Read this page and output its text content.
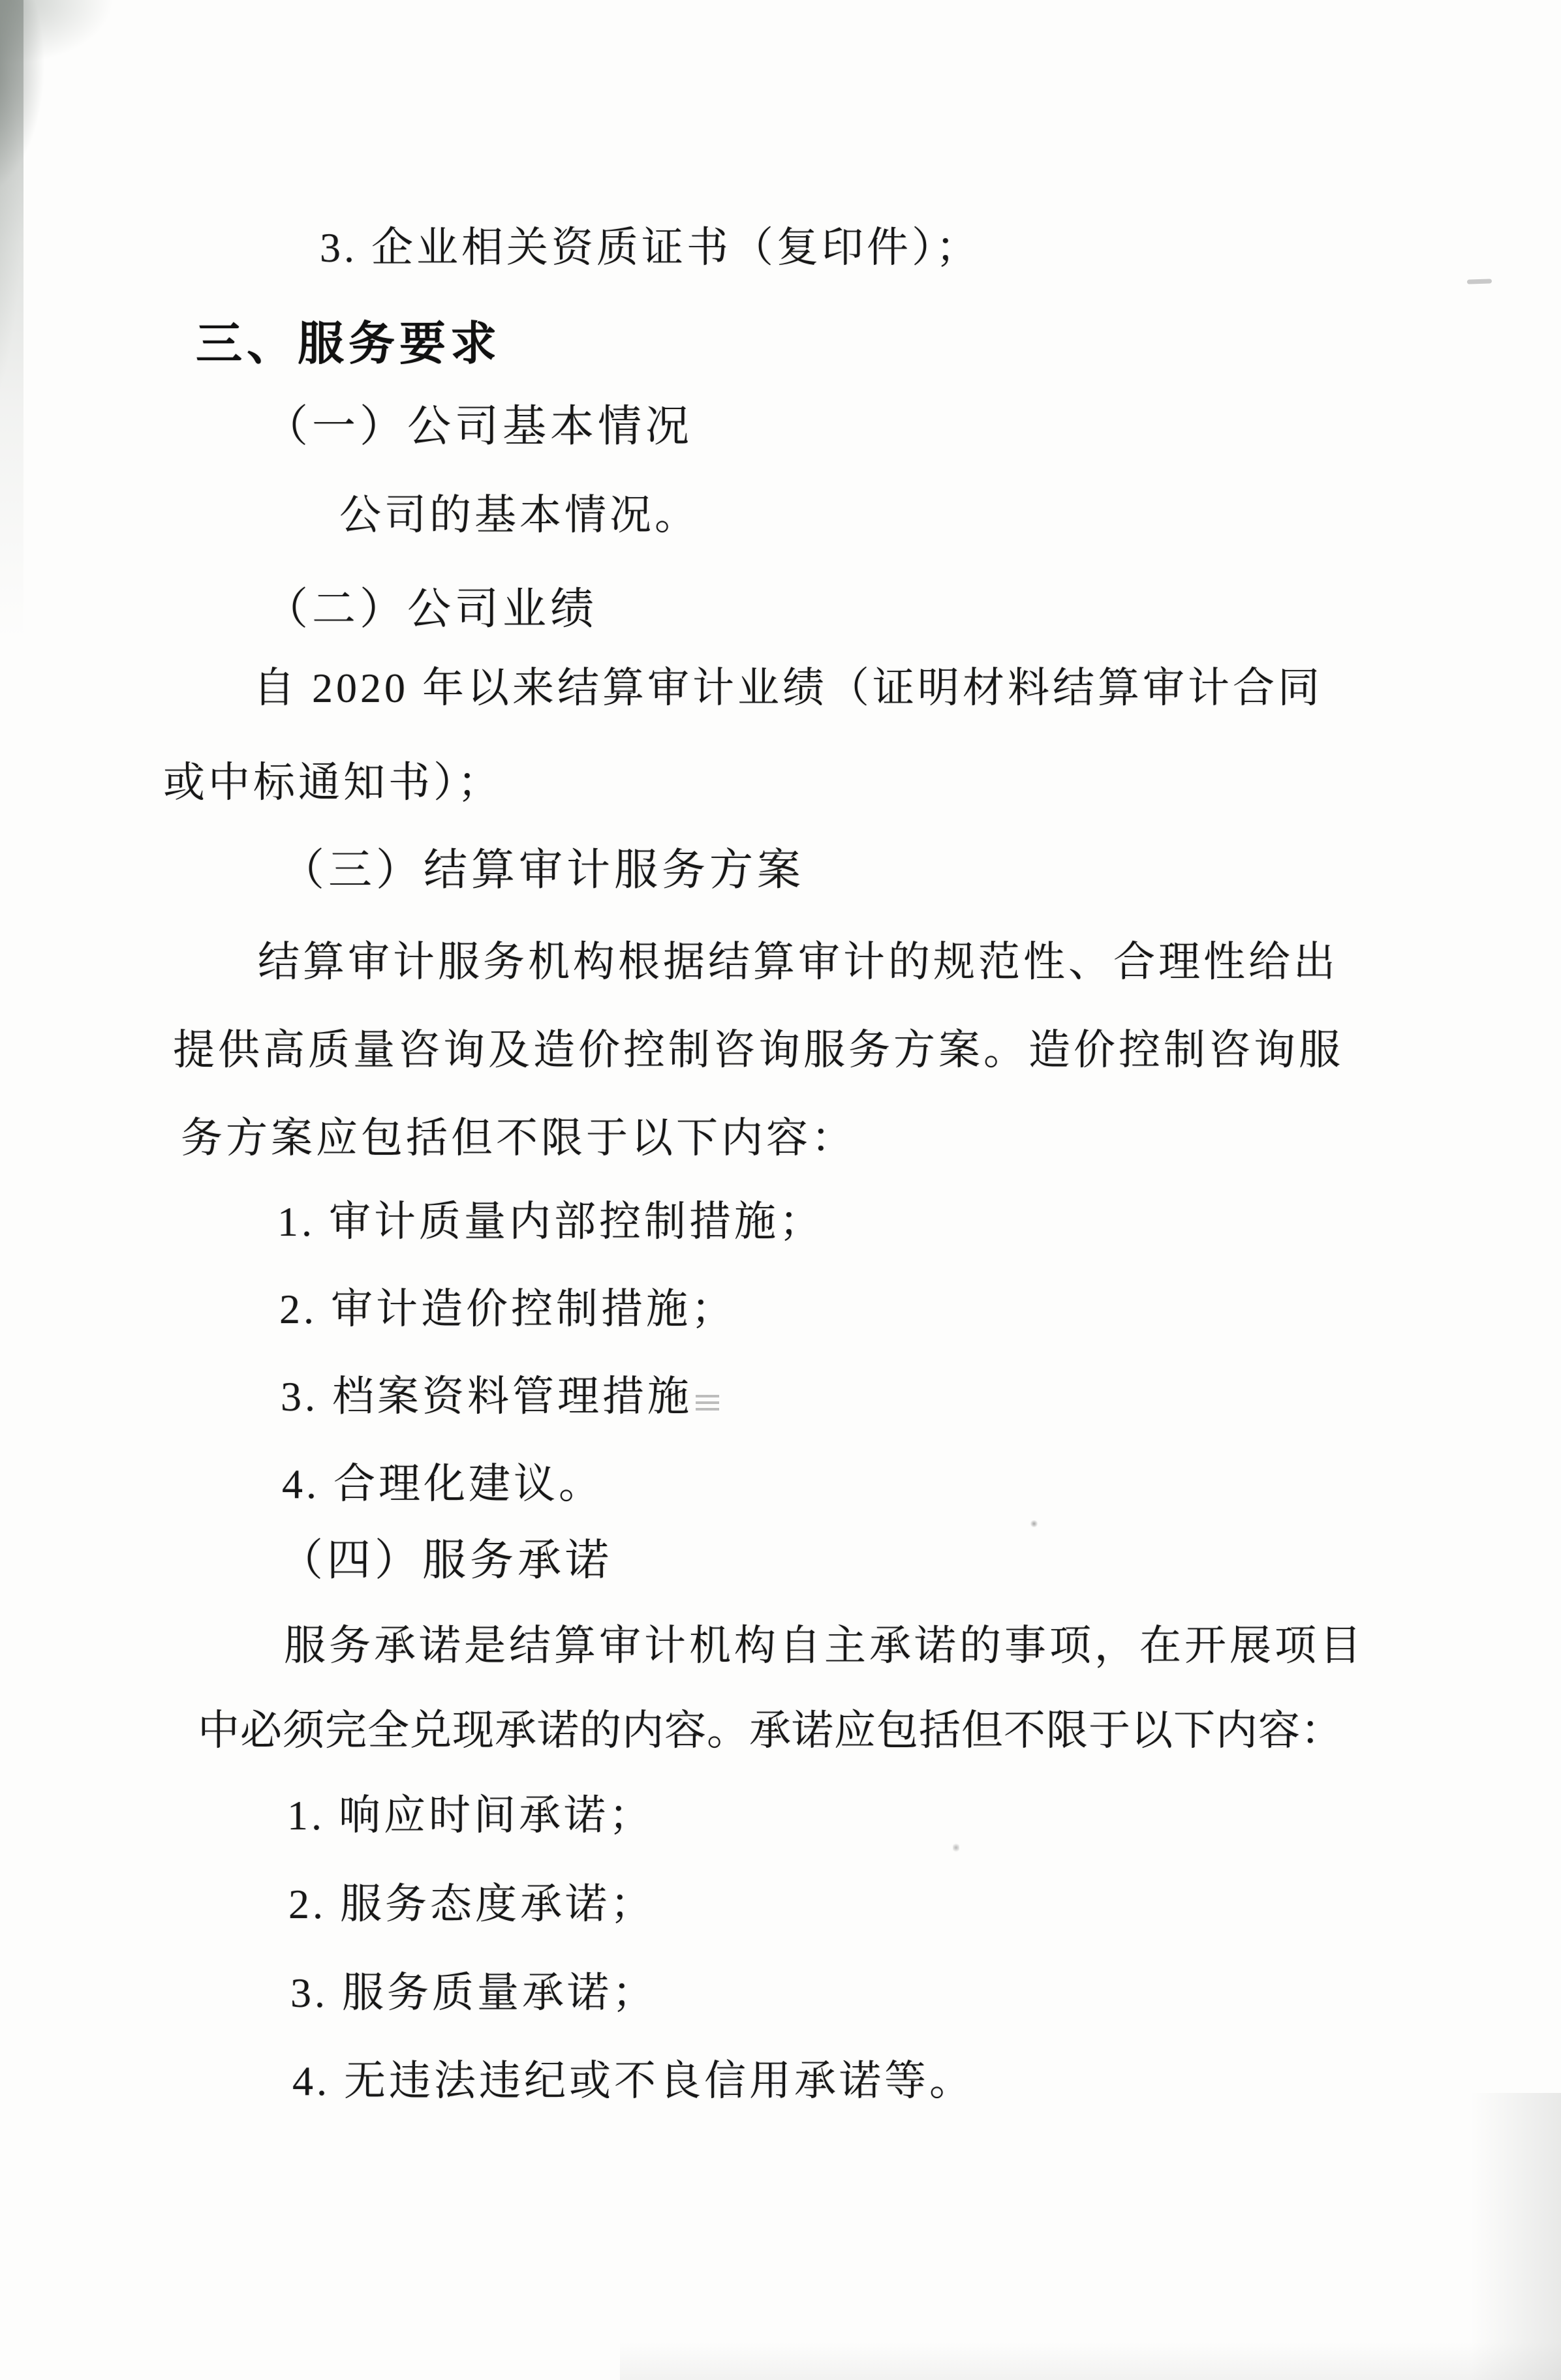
3. 企业相关资质证书（复印件）；
三、服务要求
（一）公司基本情况
公司的基本情况。
（二）公司业绩
自 2020 年以来结算审计业绩（证明材料结算审计合同
或中标通知书）；
（三）结算审计服务方案
结算审计服务机构根据结算审计的规范性、合理性给出
提供高质量咨询及造价控制咨询服务方案。造价控制咨询服
务方案应包括但不限于以下内容：
1. 审计质量内部控制措施；
2. 审计造价控制措施；
3. 档案资料管理措施
4. 合理化建议。
（四）服务承诺
服务承诺是结算审计机构自主承诺的事项，在开展项目
中必须完全兑现承诺的内容。承诺应包括但不限于以下内容：
1. 响应时间承诺；
2. 服务态度承诺；
3. 服务质量承诺；
4. 无违法违纪或不良信用承诺等。
